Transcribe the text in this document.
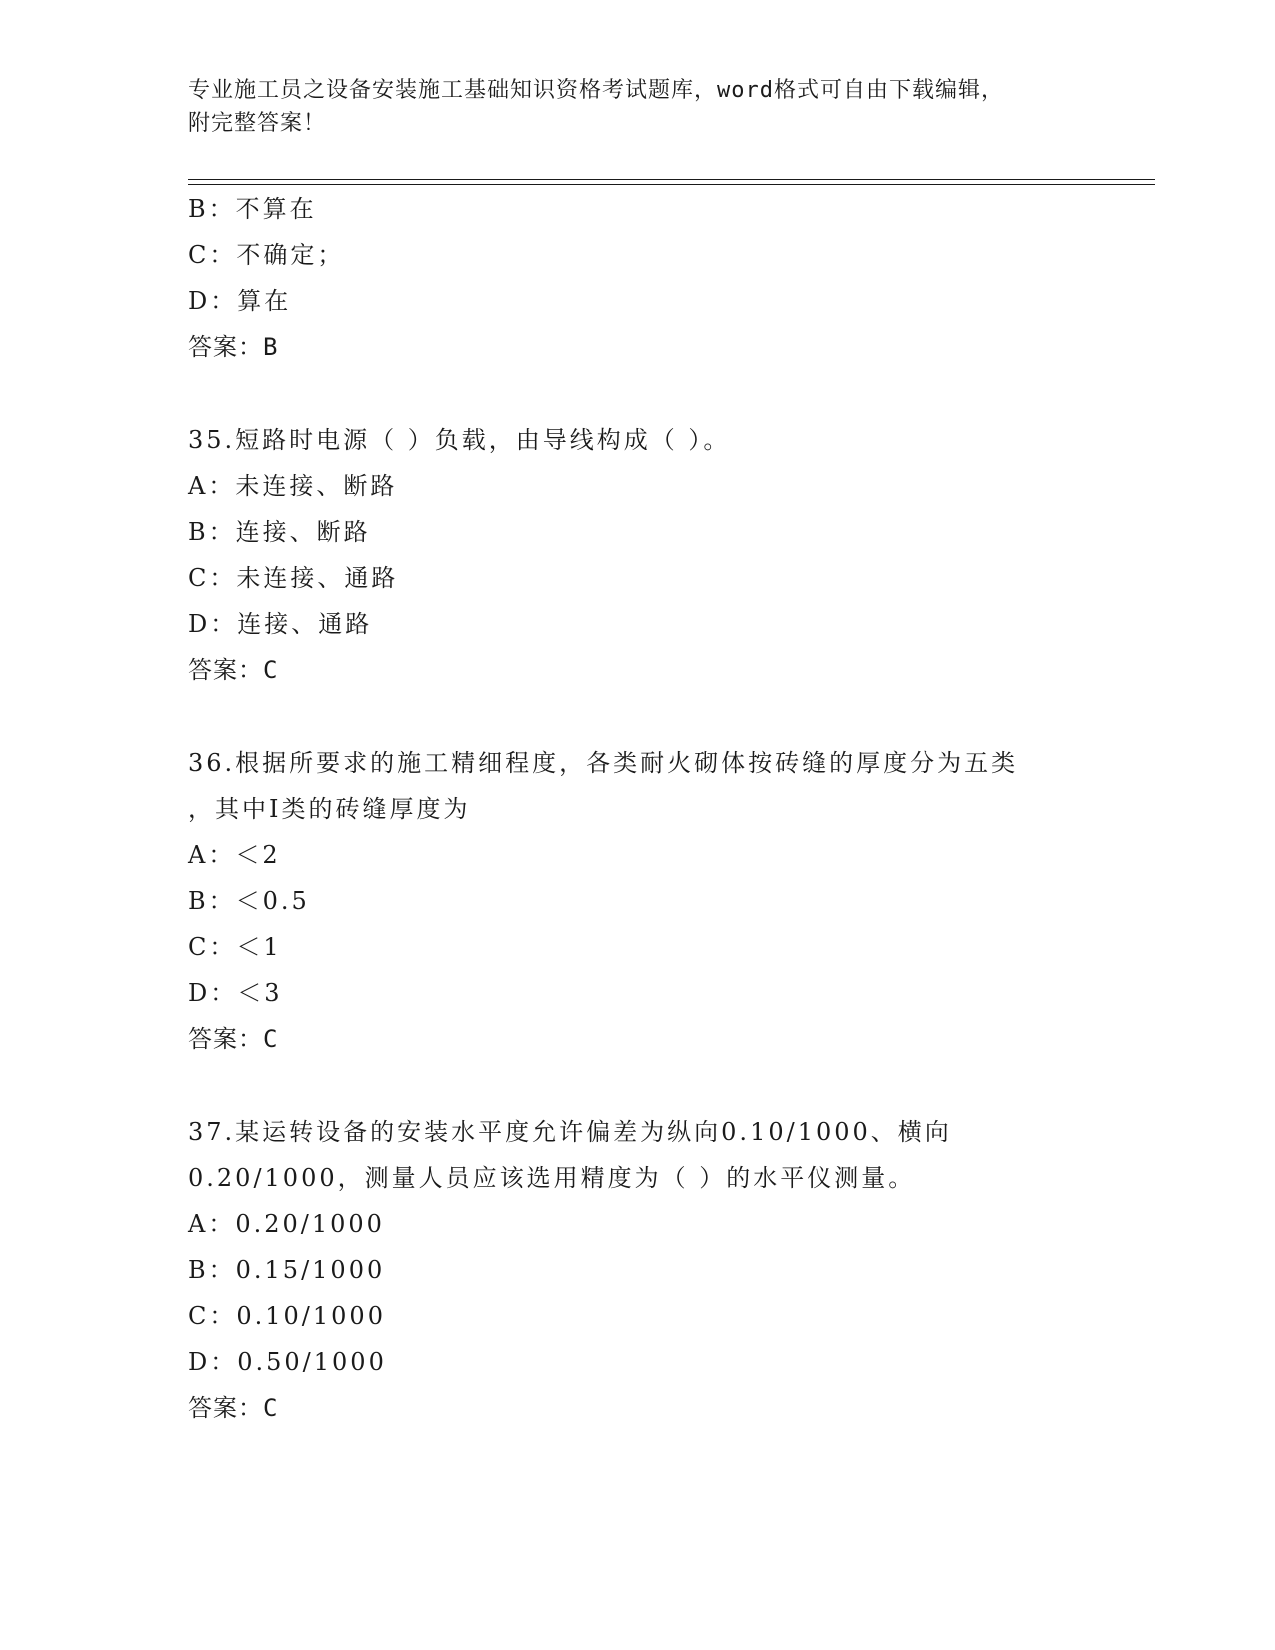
专业施工员之设备安装施工基础知识资格考试题库，word格式可自由下载编辑，
附完整答案！
B：不算在
C：不确定；
D：算在
答案：B
35.短路时电源（ ）负载，由导线构成（ ）。
A：未连接、断路
B：连接、断路
C：未连接、通路
D：连接、通路
答案：C
36.根据所要求的施工精细程度，各类耐火砌体按砖缝的厚度分为五类
，其中Ⅰ类的砖缝厚度为
A：＜2
B：＜0.5
C：＜1
D：＜3
答案：C
37.某运转设备的安装水平度允许偏差为纵向0.10/1000、横向
0.20/1000，测量人员应该选用精度为（ ）的水平仪测量。
A：0.20/1000
B：0.15/1000
C：0.10/1000
D：0.50/1000
答案：C
